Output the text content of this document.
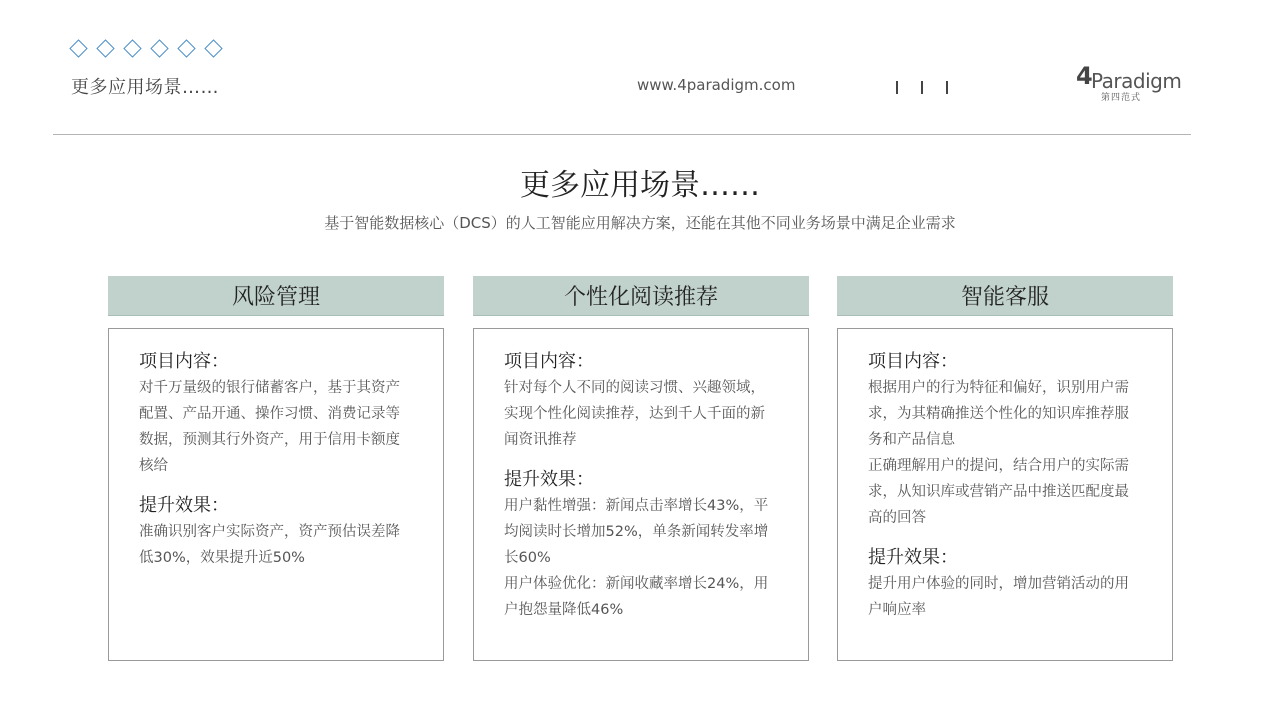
更多应用场景……	www.4paradigm.com	4
Paradigm
第四范式
更多应用场景……
基于智能数据核心（DCS）的人工智能应用解决方案，还能在其他不同业务场景中满足企业需求
风险管理
项目内容：
对千万量级的银行储蓄客户，基于其资产
配置、产品开通、操作习惯、消费记录等
数据，预测其行外资产，用于信用卡额度
核给
提升效果：
准确识别客户实际资产，资产预估误差降
低30%，效果提升近50%
个性化阅读推荐
项目内容：
针对每个人不同的阅读习惯、兴趣领域，
实现个性化阅读推荐，达到千人千面的新
闻资讯推荐
提升效果：
用户黏性增强：新闻点击率增长43%，平
均阅读时长增加52%，单条新闻转发率增
长60%
用户体验优化：新闻收藏率增长24%，用
户抱怨量降低46%
智能客服
项目内容：
根据用户的行为特征和偏好，识别用户需
求，为其精确推送个性化的知识库推荐服
务和产品信息
正确理解用户的提问，结合用户的实际需
求，从知识库或营销产品中推送匹配度最
高的回答
提升效果：
提升用户体验的同时，增加营销活动的用
户响应率
